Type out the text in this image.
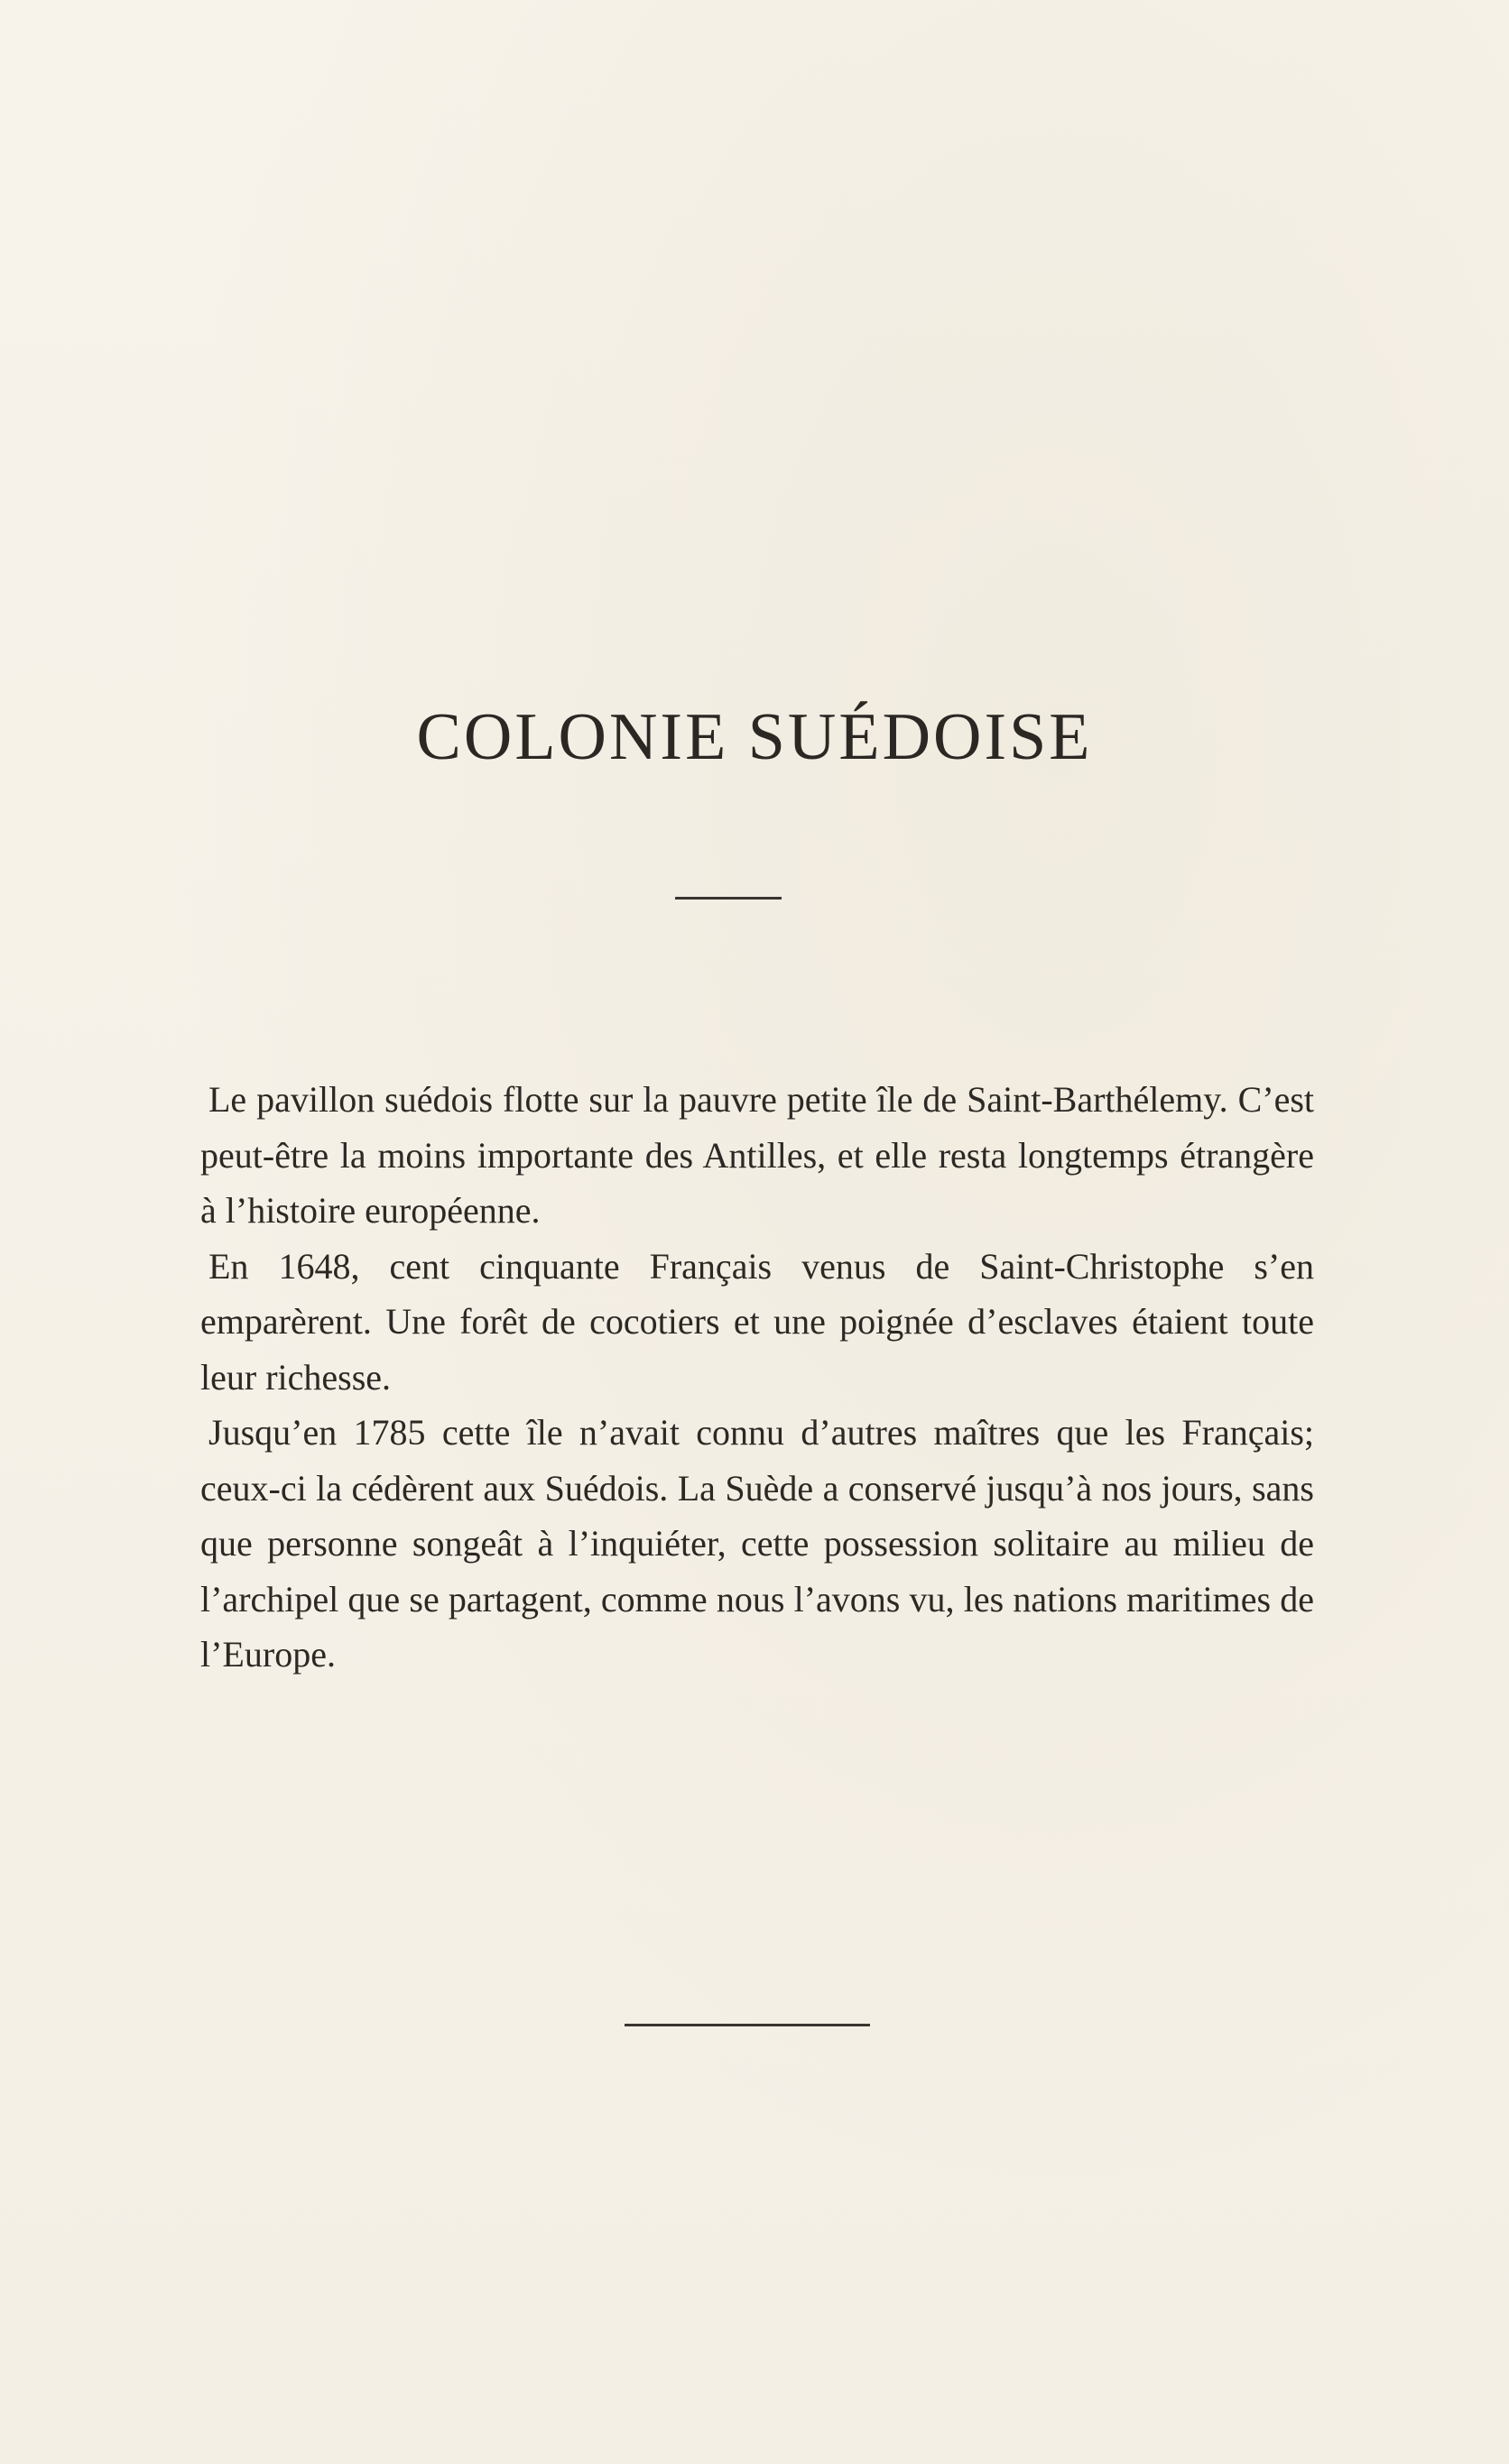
COLONIE SUÉDOISE

Le pavillon suédois flotte sur la pauvre petite île de Saint-Barthélemy. C’est peut-être la moins importante des Antilles, et elle resta longtemps étrangère à l’histoire européenne.

En 1648, cent cinquante Français venus de Saint-Christophe s’en emparèrent. Une forêt de cocotiers et une poignée d’esclaves étaient toute leur richesse.

Jusqu’en 1785 cette île n’avait connu d’autres maîtres que les Français; ceux-ci la cédèrent aux Suédois. La Suède a conservé jusqu’à nos jours, sans que personne songeât à l’inquiéter, cette possession solitaire au milieu de l’archipel que se partagent, comme nous l’avons vu, les nations maritimes de l’Europe.
